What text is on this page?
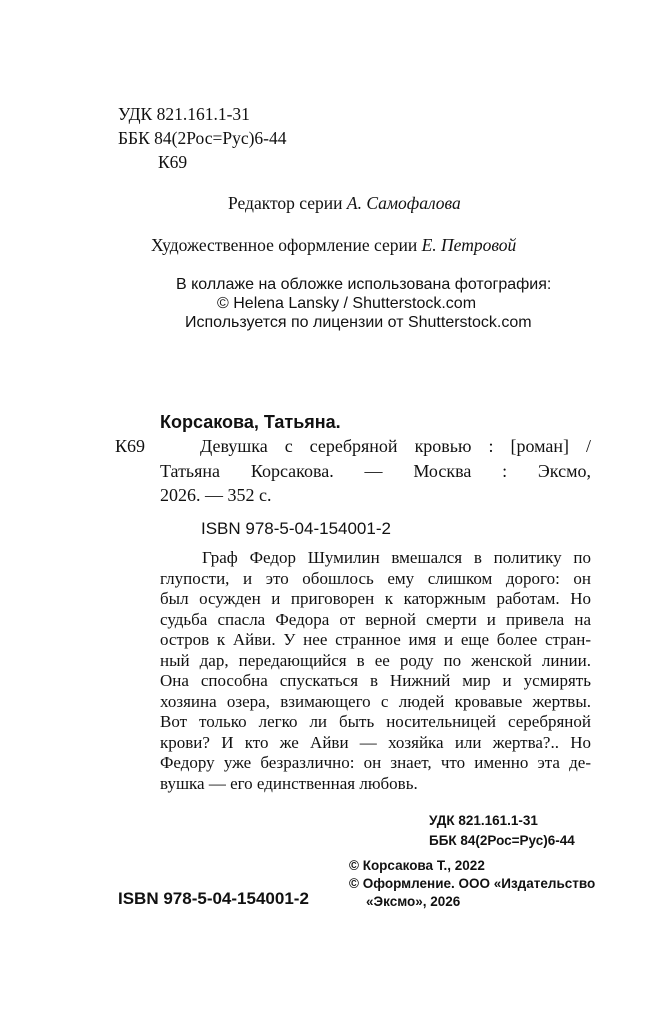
УДК 821.161.1-31
ББК 84(2Рос=Рус)6-44
К69
Редактор серии А. Самофалова
Художественное оформление серии Е. Петровой
В коллаже на обложке использована фотография:
© Helena Lansky / Shutterstock.com
Используется по лицензии от Shutterstock.com
Корсакова, Татьяна.
К69	Девушка с серебряной кровью : [роман] /
Татьяна Корсакова. — Москва : Эксмо,
2026. — 352 с.
ISBN 978-5-04-154001-2
Граф Федор Шумилин вмешался в политику по
глупости, и это обошлось ему слишком дорого: он
был осужден и приговорен к каторжным работам. Но
судьба спасла Федора от верной смерти и привела на
остров к Айви. У нее странное имя и еще более стран-
ный дар, передающийся в ее роду по женской линии.
Она способна спускаться в Нижний мир и усмирять
хозяина озера, взимающего с людей кровавые жертвы.
Вот только легко ли быть носительницей серебряной
крови? И кто же Айви — хозяйка или жертва?.. Но
Федору уже безразлично: он знает, что именно эта де-
вушка — его единственная любовь.
УДК 821.161.1-31
ББК 84(2Рос=Рус)6-44
ISBN 978-5-04-154001-2
© Корсакова Т., 2022
© Оформление. ООО «Издательство
«Эксмо», 2026
